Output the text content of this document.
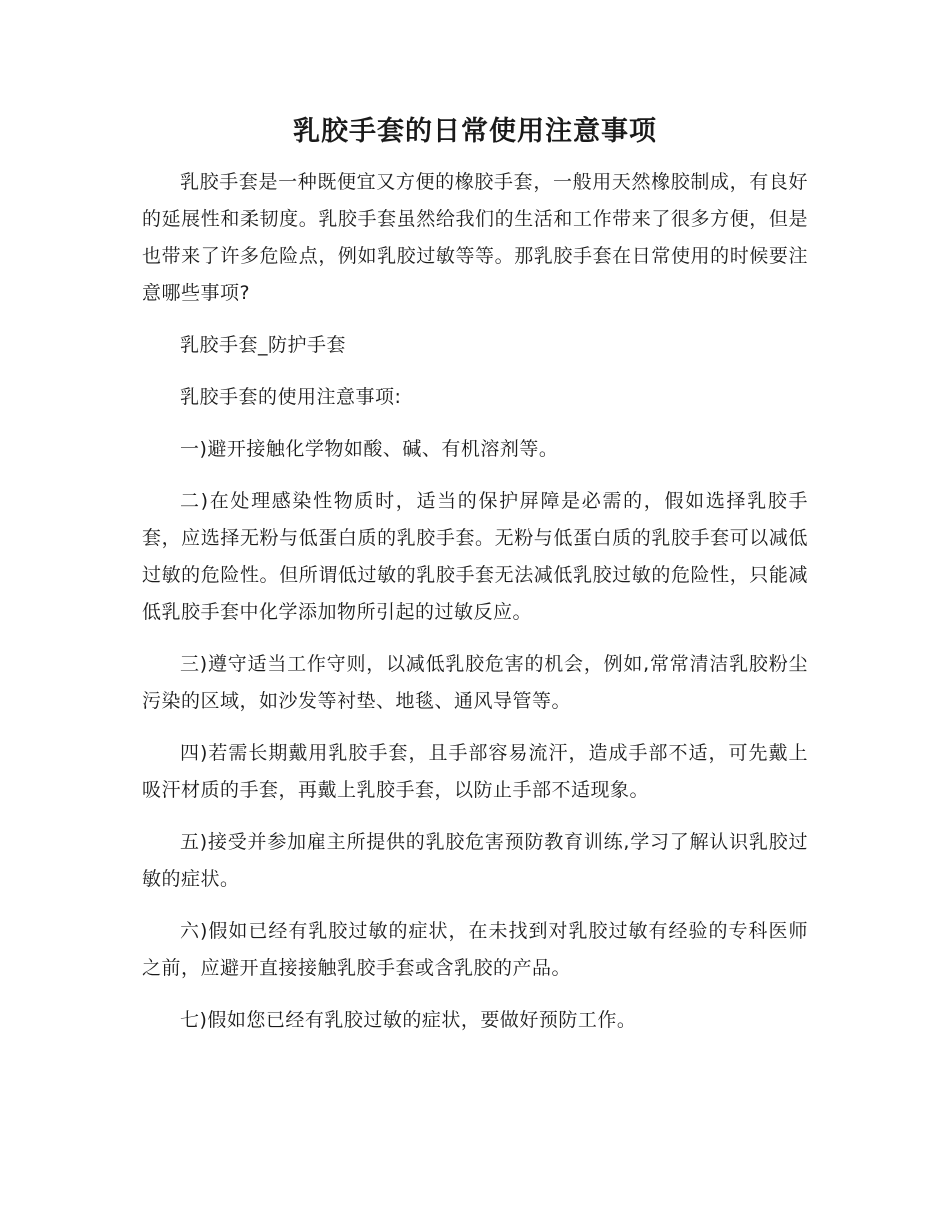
乳胶手套的日常使用注意事项

乳胶手套是一种既便宜又方便的橡胶手套，一般用天然橡胶制成，有良好的延展性和柔韧度。乳胶手套虽然给我们的生活和工作带来了很多方便，但是也带来了许多危险点，例如乳胶过敏等等。那乳胶手套在日常使用的时候要注意哪些事项?

乳胶手套_防护手套

乳胶手套的使用注意事项:

一)避开接触化学物如酸、碱、有机溶剂等。

二)在处理感染性物质时，适当的保护屏障是必需的，假如选择乳胶手套，应选择无粉与低蛋白质的乳胶手套。无粉与低蛋白质的乳胶手套可以减低过敏的危险性。但所谓低过敏的乳胶手套无法减低乳胶过敏的危险性，只能减低乳胶手套中化学添加物所引起的过敏反应。

三)遵守适当工作守则，以减低乳胶危害的机会，例如,常常清洁乳胶粉尘污染的区域，如沙发等衬垫、地毯、通风导管等。

四)若需长期戴用乳胶手套，且手部容易流汗，造成手部不适，可先戴上吸汗材质的手套，再戴上乳胶手套，以防止手部不适现象。

五)接受并参加雇主所提供的乳胶危害预防教育训练,学习了解认识乳胶过敏的症状。

六)假如已经有乳胶过敏的症状，在未找到对乳胶过敏有经验的专科医师之前，应避开直接接触乳胶手套或含乳胶的产品。

七)假如您已经有乳胶过敏的症状，要做好预防工作。
